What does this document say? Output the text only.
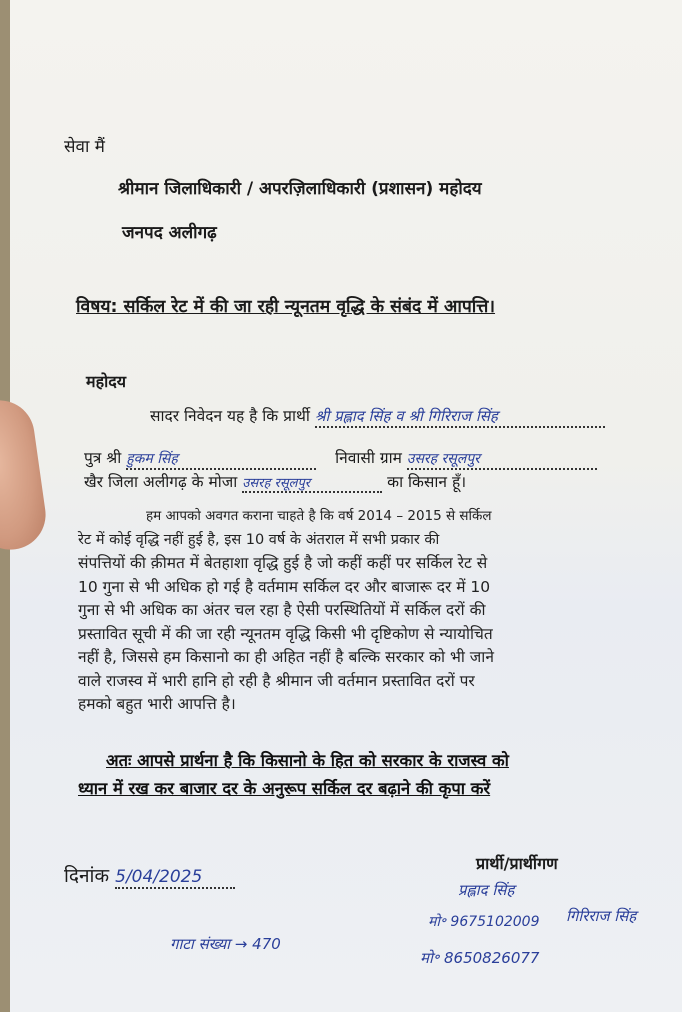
सेवा मैं
श्रीमान जिलाधिकारी / अपरज़िलाधिकारी (प्रशासन) महोदय
जनपद अलीगढ़
विषय: सर्किल रेट में की जा रही न्यूनतम वृद्धि के संबंद में आपत्ति।
महोदय
सादर निवेदन यह है कि प्रार्थी श्री प्रह्लाद सिंह व श्री गिरिराज सिंह
पुत्र श्री हुकम सिंह	निवासी ग्राम उसरह रसूलपुर
खैर जिला अलीगढ़ के मोजा उसरह रसूलपुर	का किसान हूँ।
हम आपको अवगत कराना चाहते है कि वर्ष 2014 – 2015 से सर्किल
रेट में कोई वृद्धि नहीं हुई है, इस 10 वर्ष के अंतराल में सभी प्रकार की
संपत्तियों की क़ीमत में बेतहाशा वृद्धि हुई है जो कहीं कहीं पर सर्किल रेट से
10 गुना से भी अधिक हो गई है वर्तमाम सर्किल दर और बाजारू दर में 10
गुना से भी अधिक का अंतर चल रहा है ऐसी परस्थितियों में सर्किल दरों की
प्रस्तावित सूची में की जा रही न्यूनतम वृद्धि किसी भी दृष्टिकोण से न्यायोचित
नहीं है, जिससे हम किसानो का ही अहित नहीं है बल्कि सरकार को भी जाने
वाले राजस्व में भारी हानि हो रही है श्रीमान जी वर्तमान प्रस्तावित दरों पर
हमको बहुत भारी आपत्ति है।
अतः आपसे प्रार्थना है कि किसानो के हित को सरकार के राजस्व को
ध्यान में रख कर बाजार दर के अनुरूप सर्किल दर बढ़ाने की कृपा करें
प्रार्थी/प्रार्थीगण
दिनांक 5/04/2025
प्रह्लाद सिंह
मो॰ 9675102009 गिरिराज सिंह
गाटा संख्या → 470
मो॰ 8650826077
